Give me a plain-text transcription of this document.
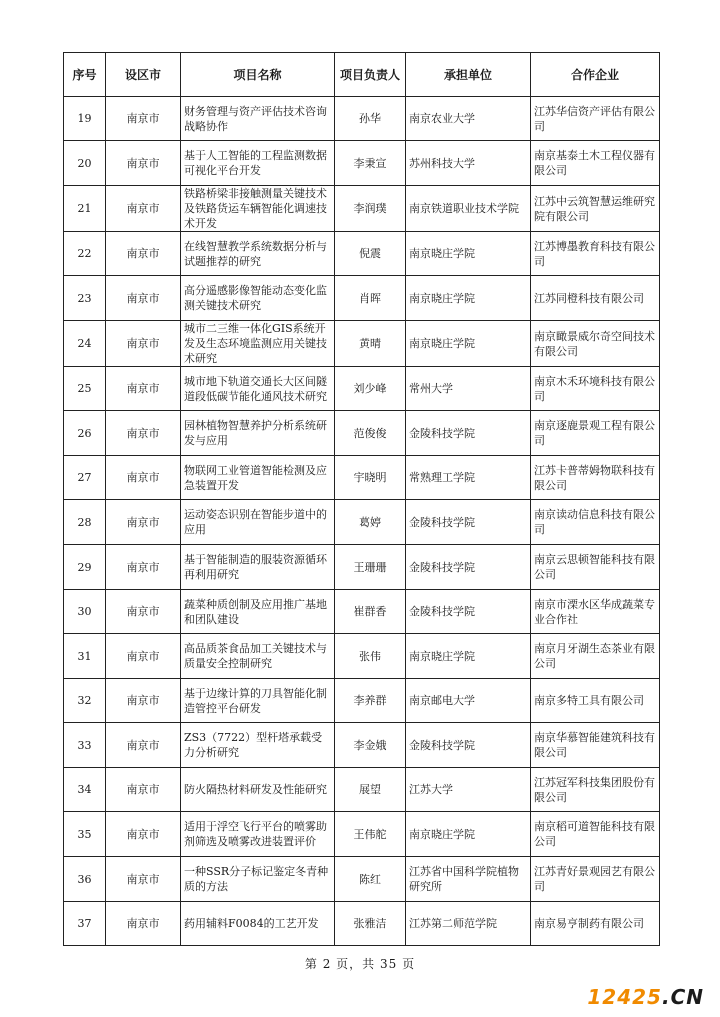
序号	设区市	项目名称	项目负责人	承担单位	合作企业
19	南京市	财务管理与资产评估技术咨询战略协作	孙华	南京农业大学	江苏华信资产评估有限公司
20	南京市	基于人工智能的工程监测数据可视化平台开发	李秉宣	苏州科技大学	南京基泰土木工程仪器有限公司
21	南京市	铁路桥梁非接触测量关键技术及铁路货运车辆智能化调速技术开发	李润璞	南京铁道职业技术学院	江苏中云筑智慧运维研究院有限公司
22	南京市	在线智慧教学系统数据分析与试题推荐的研究	倪震	南京晓庄学院	江苏博墨教育科技有限公司
23	南京市	高分遥感影像智能动态变化监测关键技术研究	肖晖	南京晓庄学院	江苏同橙科技有限公司
24	南京市	城市二三维一体化GIS系统开发及生态环境监测应用关键技术研究	黄晴	南京晓庄学院	南京瞰景威尔奇空间技术有限公司
25	南京市	城市地下轨道交通长大区间隧道段低碳节能化通风技术研究	刘少峰	常州大学	南京木禾环境科技有限公司
26	南京市	园林植物智慧养护分析系统研发与应用	范俊俊	金陵科技学院	南京逐鹿景观工程有限公司
27	南京市	物联网工业管道智能检测及应急装置开发	宇晓明	常熟理工学院	江苏卡普蒂姆物联科技有限公司
28	南京市	运动姿态识别在智能步道中的应用	葛婷	金陵科技学院	南京读动信息科技有限公司
29	南京市	基于智能制造的服装资源循环再利用研究	王珊珊	金陵科技学院	南京云思顿智能科技有限公司
30	南京市	蔬菜种质创制及应用推广基地和团队建设	崔群香	金陵科技学院	南京市溧水区华成蔬菜专业合作社
31	南京市	高品质茶食品加工关键技术与质量安全控制研究	张伟	南京晓庄学院	南京月牙湖生态茶业有限公司
32	南京市	基于边缘计算的刀具智能化制造管控平台研发	李养群	南京邮电大学	南京多特工具有限公司
33	南京市	ZS3（7722）型杆塔承载受力分析研究	李金娥	金陵科技学院	南京华慕智能建筑科技有限公司
34	南京市	防火隔热材料研发及性能研究	展望	江苏大学	江苏冠军科技集团股份有限公司
35	南京市	适用于浮空飞行平台的喷雾助剂筛选及喷雾改进装置评价	王伟舵	南京晓庄学院	南京稻可道智能科技有限公司
36	南京市	一种SSR分子标记鉴定冬青种质的方法	陈红	江苏省中国科学院植物研究所	江苏青好景观园艺有限公司
37	南京市	药用辅料F0084的工艺开发	张雅洁	江苏第二师范学院	南京易亨制药有限公司
第 2 页，共 35 页
12425.CN
